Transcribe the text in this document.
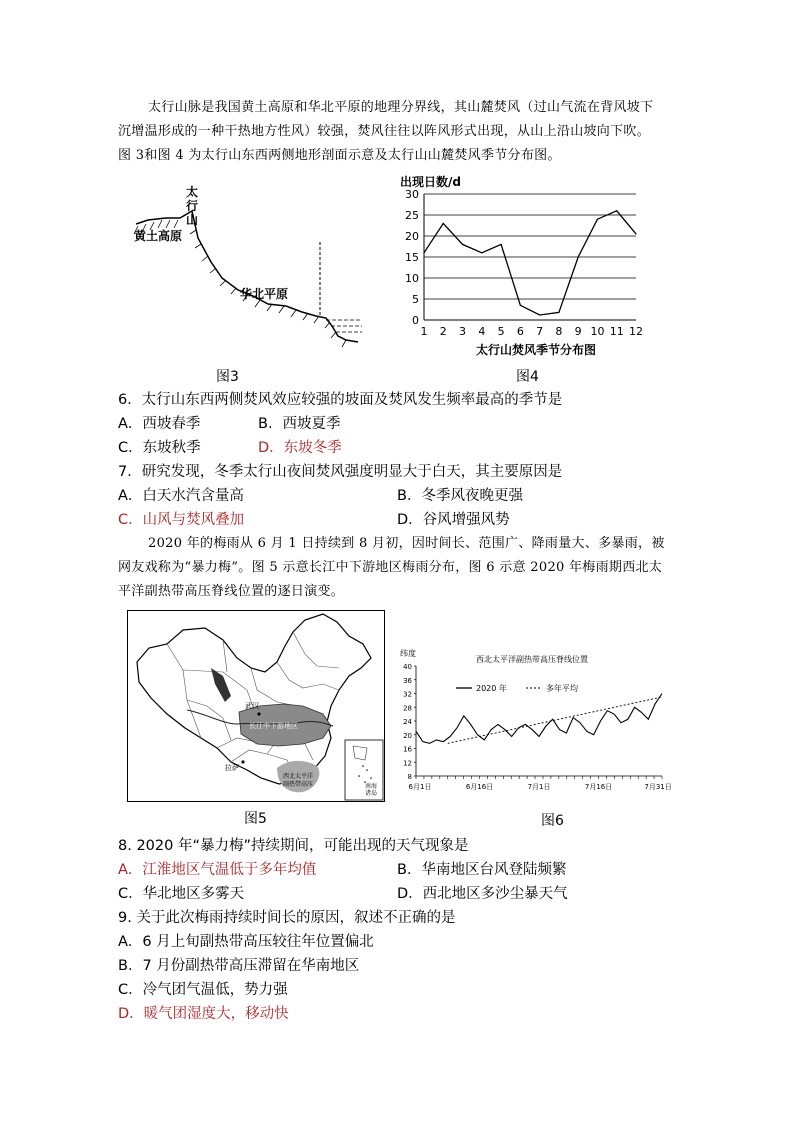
太行山脉是我国黄土高原和华北平原的地理分界线，其山麓焚风（过山气流在背风坡下
沉增温形成的一种干热地方性风）较强，焚风往往以阵风形式出现，从山上沿山坡向下吹。
图 3和图 4 为太行山东西两侧地形剖面示意及太行山山麓焚风季节分布图。
太
行
山
黄土高原
华北平原
图3
出现日数/d
太行山焚风季节分布图
0
5
10
15
20
25
30
1 2 3 4 5 6 7 8 9 10 11 12
图4
6．太行山东西两侧焚风效应较强的坡面及焚风发生频率最高的季节是
A．西坡春季	B．西坡夏季
C．东坡秋季	D．东坡冬季
7．研究发现，冬季太行山夜间焚风强度明显大于白天，其主要原因是
A．白天水汽含量高	B．冬季风夜晚更强
C．山风与焚风叠加	D．谷风增强风势
2020 年的梅雨从 6 月 1 日持续到 8 月初，因时间长、范围广、降雨量大、多暴雨，被
网友戏称为“暴力梅”。图 5 示意长江中下游地区梅雨分布，图 6 示意 2020 年梅雨期西北太
平洋副热带高压脊线位置的逐日演变。
长江中下游地区
武汉
拉萨
西北太平洋
副热带高压	南海
诸岛
图5
西北太平洋副热带高压脊线位置
纬度
2020 年	多年平均
8
12
16
20
24
28
32
36
40
6月1日	6月16日	7月1日	7月16日	7月31日
图6
8. 2020 年“暴力梅”持续期间，可能出现的天气现象是
A．江淮地区气温低于多年均值	B．华南地区台风登陆频繁
C．华北地区多雾天	D．西北地区多沙尘暴天气
9. 关于此次梅雨持续时间长的原因，叙述不正确的是
A．6 月上旬副热带高压较往年位置偏北
B．7 月份副热带高压滞留在华南地区
C．冷气团气温低，势力强
D．暖气团湿度大，移动快
